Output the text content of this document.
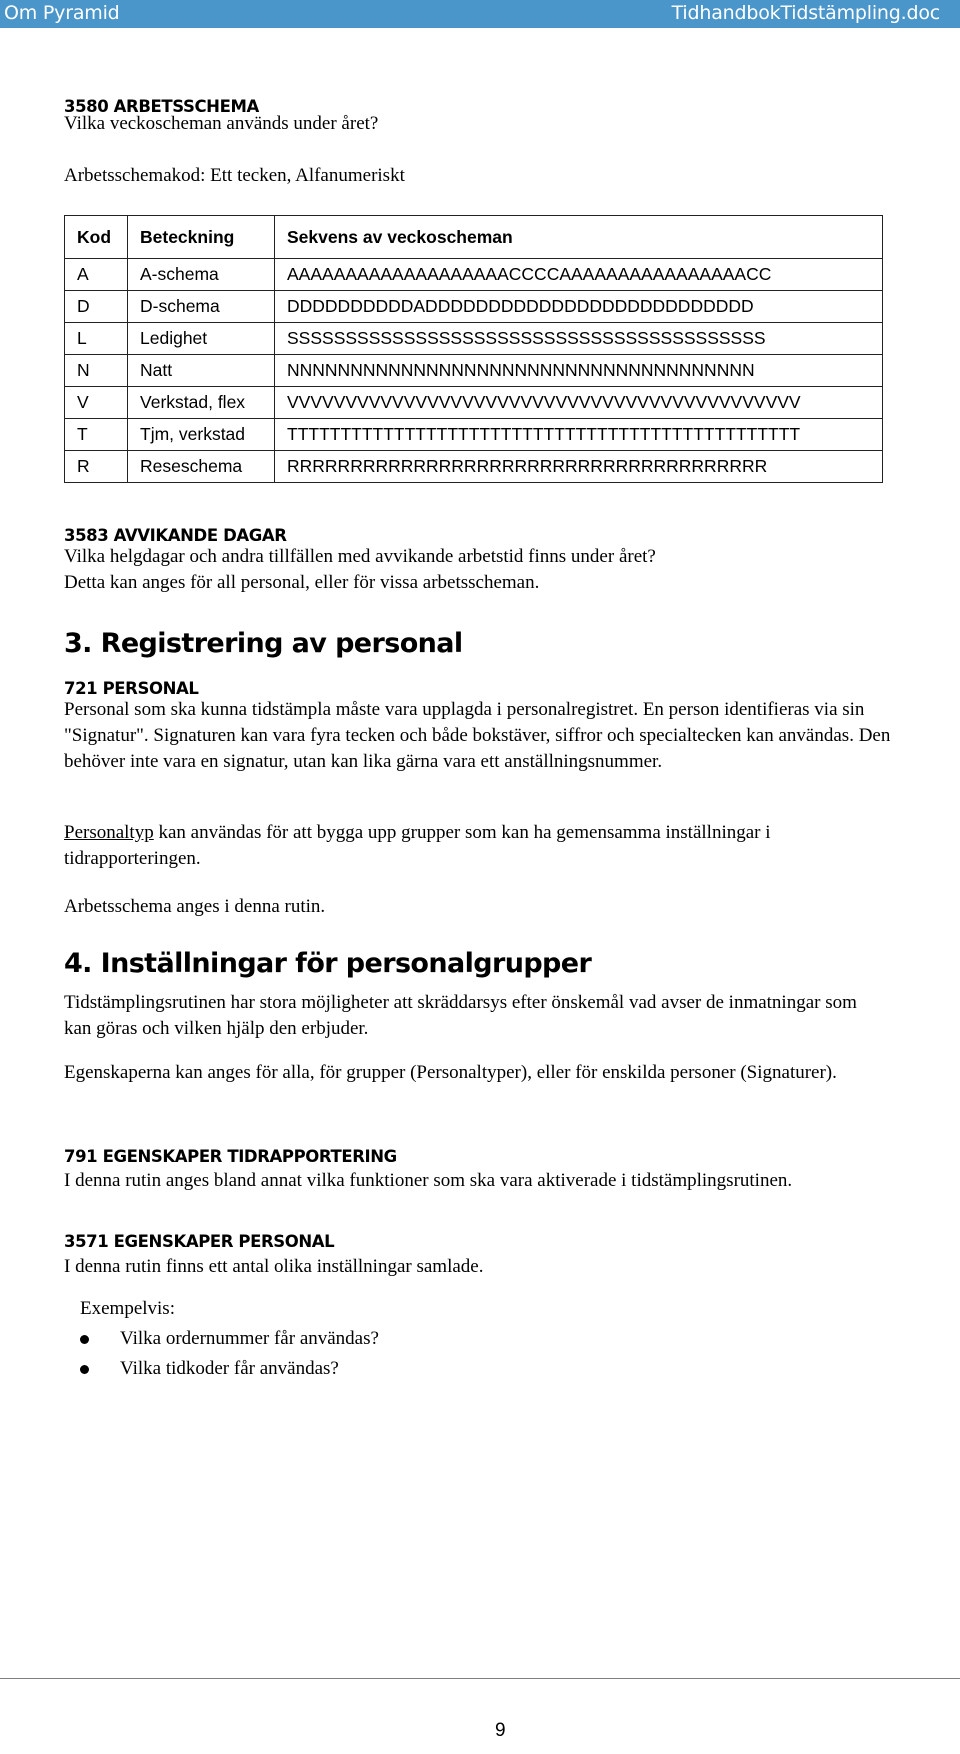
Om Pyramid	TidhandbokTidstämpling.doc
3580 ARBETSSCHEMA
Vilka veckoscheman används under året?
Arbetsschemakod: Ett tecken, Alfanumeriskt
Kod	Beteckning	Sekvens av veckoscheman
A	A-schema	AAAAAAAAAAAAAAAAAAACCCCAAAAAAAAAAAAAAAACC
D	D-schema	DDDDDDDDDDADDDDDDDDDDDDDDDDDDDDDDDDDD
L	Ledighet	SSSSSSSSSSSSSSSSSSSSSSSSSSSSSSSSSSSSSSSSS
N	Natt	NNNNNNNNNNNNNNNNNNNNNNNNNNNNNNNNNNNNN
V	Verkstad, flex	VVVVVVVVVVVVVVVVVVVVVVVVVVVVVVVVVVVVVVVVVVVV
T	Tjm, verkstad	TTTTTTTTTTTTTTTTTTTTTTTTTTTTTTTTTTTTTTTTTTTTTTTT
R	Reseschema	RRRRRRRRRRRRRRRRRRRRRRRRRRRRRRRRRRRRRR
3583 AVVIKANDE DAGAR
Vilka helgdagar och andra tillfällen med avvikande arbetstid finns under året?
Detta kan anges för all personal, eller för vissa arbetsscheman.
3. Registrering av personal
721 PERSONAL
Personal som ska kunna tidstämpla måste vara upplagda i personalregistret. En person identifieras via sin "Signatur". Signaturen kan vara fyra tecken och både bokstäver, siffror och specialtecken kan användas. Den behöver inte vara en signatur, utan kan lika gärna vara ett anställningsnummer.
Personaltyp kan användas för att bygga upp grupper som kan ha gemensamma inställningar i tidrapporteringen.
Arbetsschema anges i denna rutin.
4. Inställningar för personalgrupper
Tidstämplingsrutinen har stora möjligheter att skräddarsys efter önskemål vad avser de inmatningar som kan göras och vilken hjälp den erbjuder.
Egenskaperna kan anges för alla, för grupper (Personaltyper), eller för enskilda personer (Signaturer).
791 EGENSKAPER TIDRAPPORTERING
I denna rutin anges bland annat vilka funktioner som ska vara aktiverade i tidstämplingsrutinen.
3571 EGENSKAPER PERSONAL
I denna rutin finns ett antal olika inställningar samlade.
Exempelvis:
Vilka ordernummer får användas?
Vilka tidkoder får användas?
9
